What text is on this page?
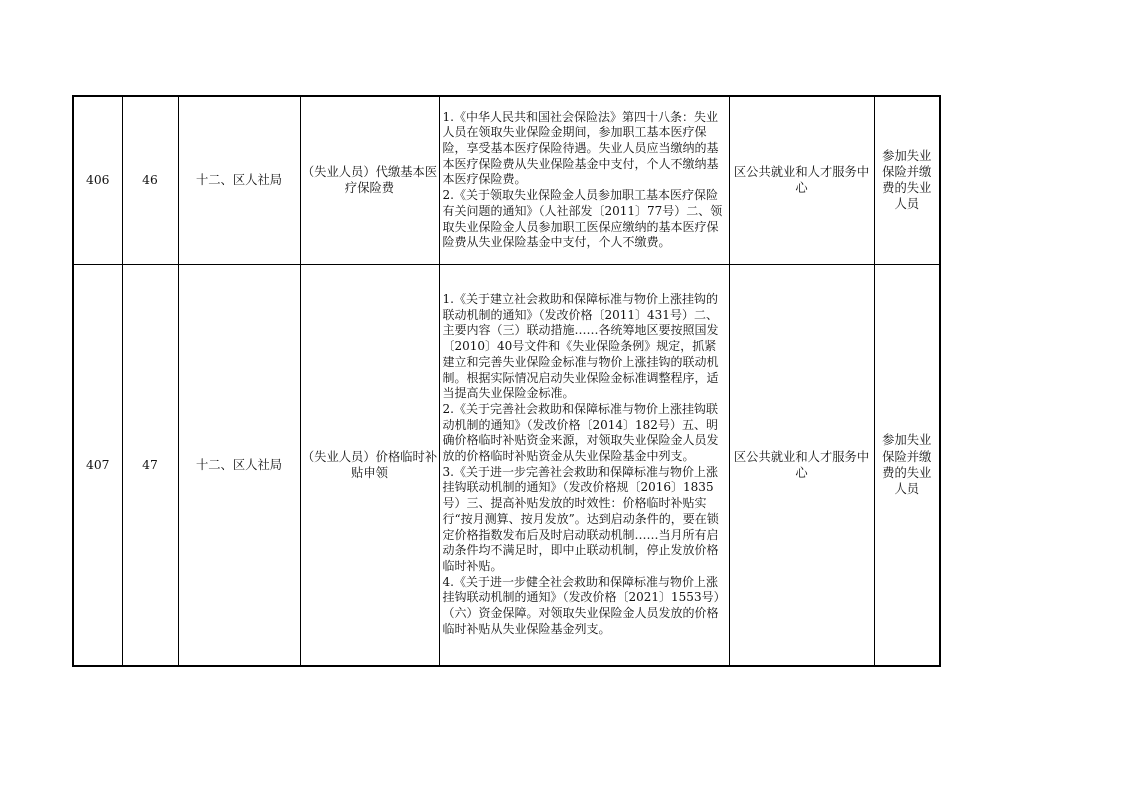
406	46	十二、区人社局	（失业人员）代缴基本医疗保险费	1.《中华人民共和国社会保险法》第四十八条：失业人员在领取失业保险金期间，参加职工基本医疗保险，享受基本医疗保险待遇。失业人员应当缴纳的基本医疗保险费从失业保险基金中支付，个人不缴纳基本医疗保险费。
2.《关于领取失业保险金人员参加职工基本医疗保险有关问题的通知》（人社部发〔2011〕77号）二、领取失业保险金人员参加职工医保应缴纳的基本医疗保险费从失业保险基金中支付，个人不缴费。	区公共就业和人才服务中心	参加失业保险并缴费的失业人员
407	47	十二、区人社局	（失业人员）价格临时补贴申领	1.《关于建立社会救助和保障标准与物价上涨挂钩的联动机制的通知》（发改价格〔2011〕431号）二、主要内容（三）联动措施……各统筹地区要按照国发〔2010〕40号文件和《失业保险条例》规定，抓紧建立和完善失业保险金标准与物价上涨挂钩的联动机制。根据实际情况启动失业保险金标准调整程序，适当提高失业保险金标准。
2.《关于完善社会救助和保障标准与物价上涨挂钩联动机制的通知》（发改价格〔2014〕182号）五、明确价格临时补贴资金来源，对领取失业保险金人员发放的价格临时补贴资金从失业保险基金中列支。
3.《关于进一步完善社会救助和保障标准与物价上涨挂钩联动机制的通知》（发改价格规〔2016〕1835号）三、提高补贴发放的时效性：价格临时补贴实行“按月测算、按月发放”。达到启动条件的，要在锁定价格指数发布后及时启动联动机制……当月所有启动条件均不满足时，即中止联动机制，停止发放价格临时补贴。
4.《关于进一步健全社会救助和保障标准与物价上涨挂钩联动机制的通知》（发改价格〔2021〕1553号）（六）资金保障。对领取失业保险金人员发放的价格临时补贴从失业保险基金列支。	区公共就业和人才服务中心	参加失业保险并缴费的失业人员
